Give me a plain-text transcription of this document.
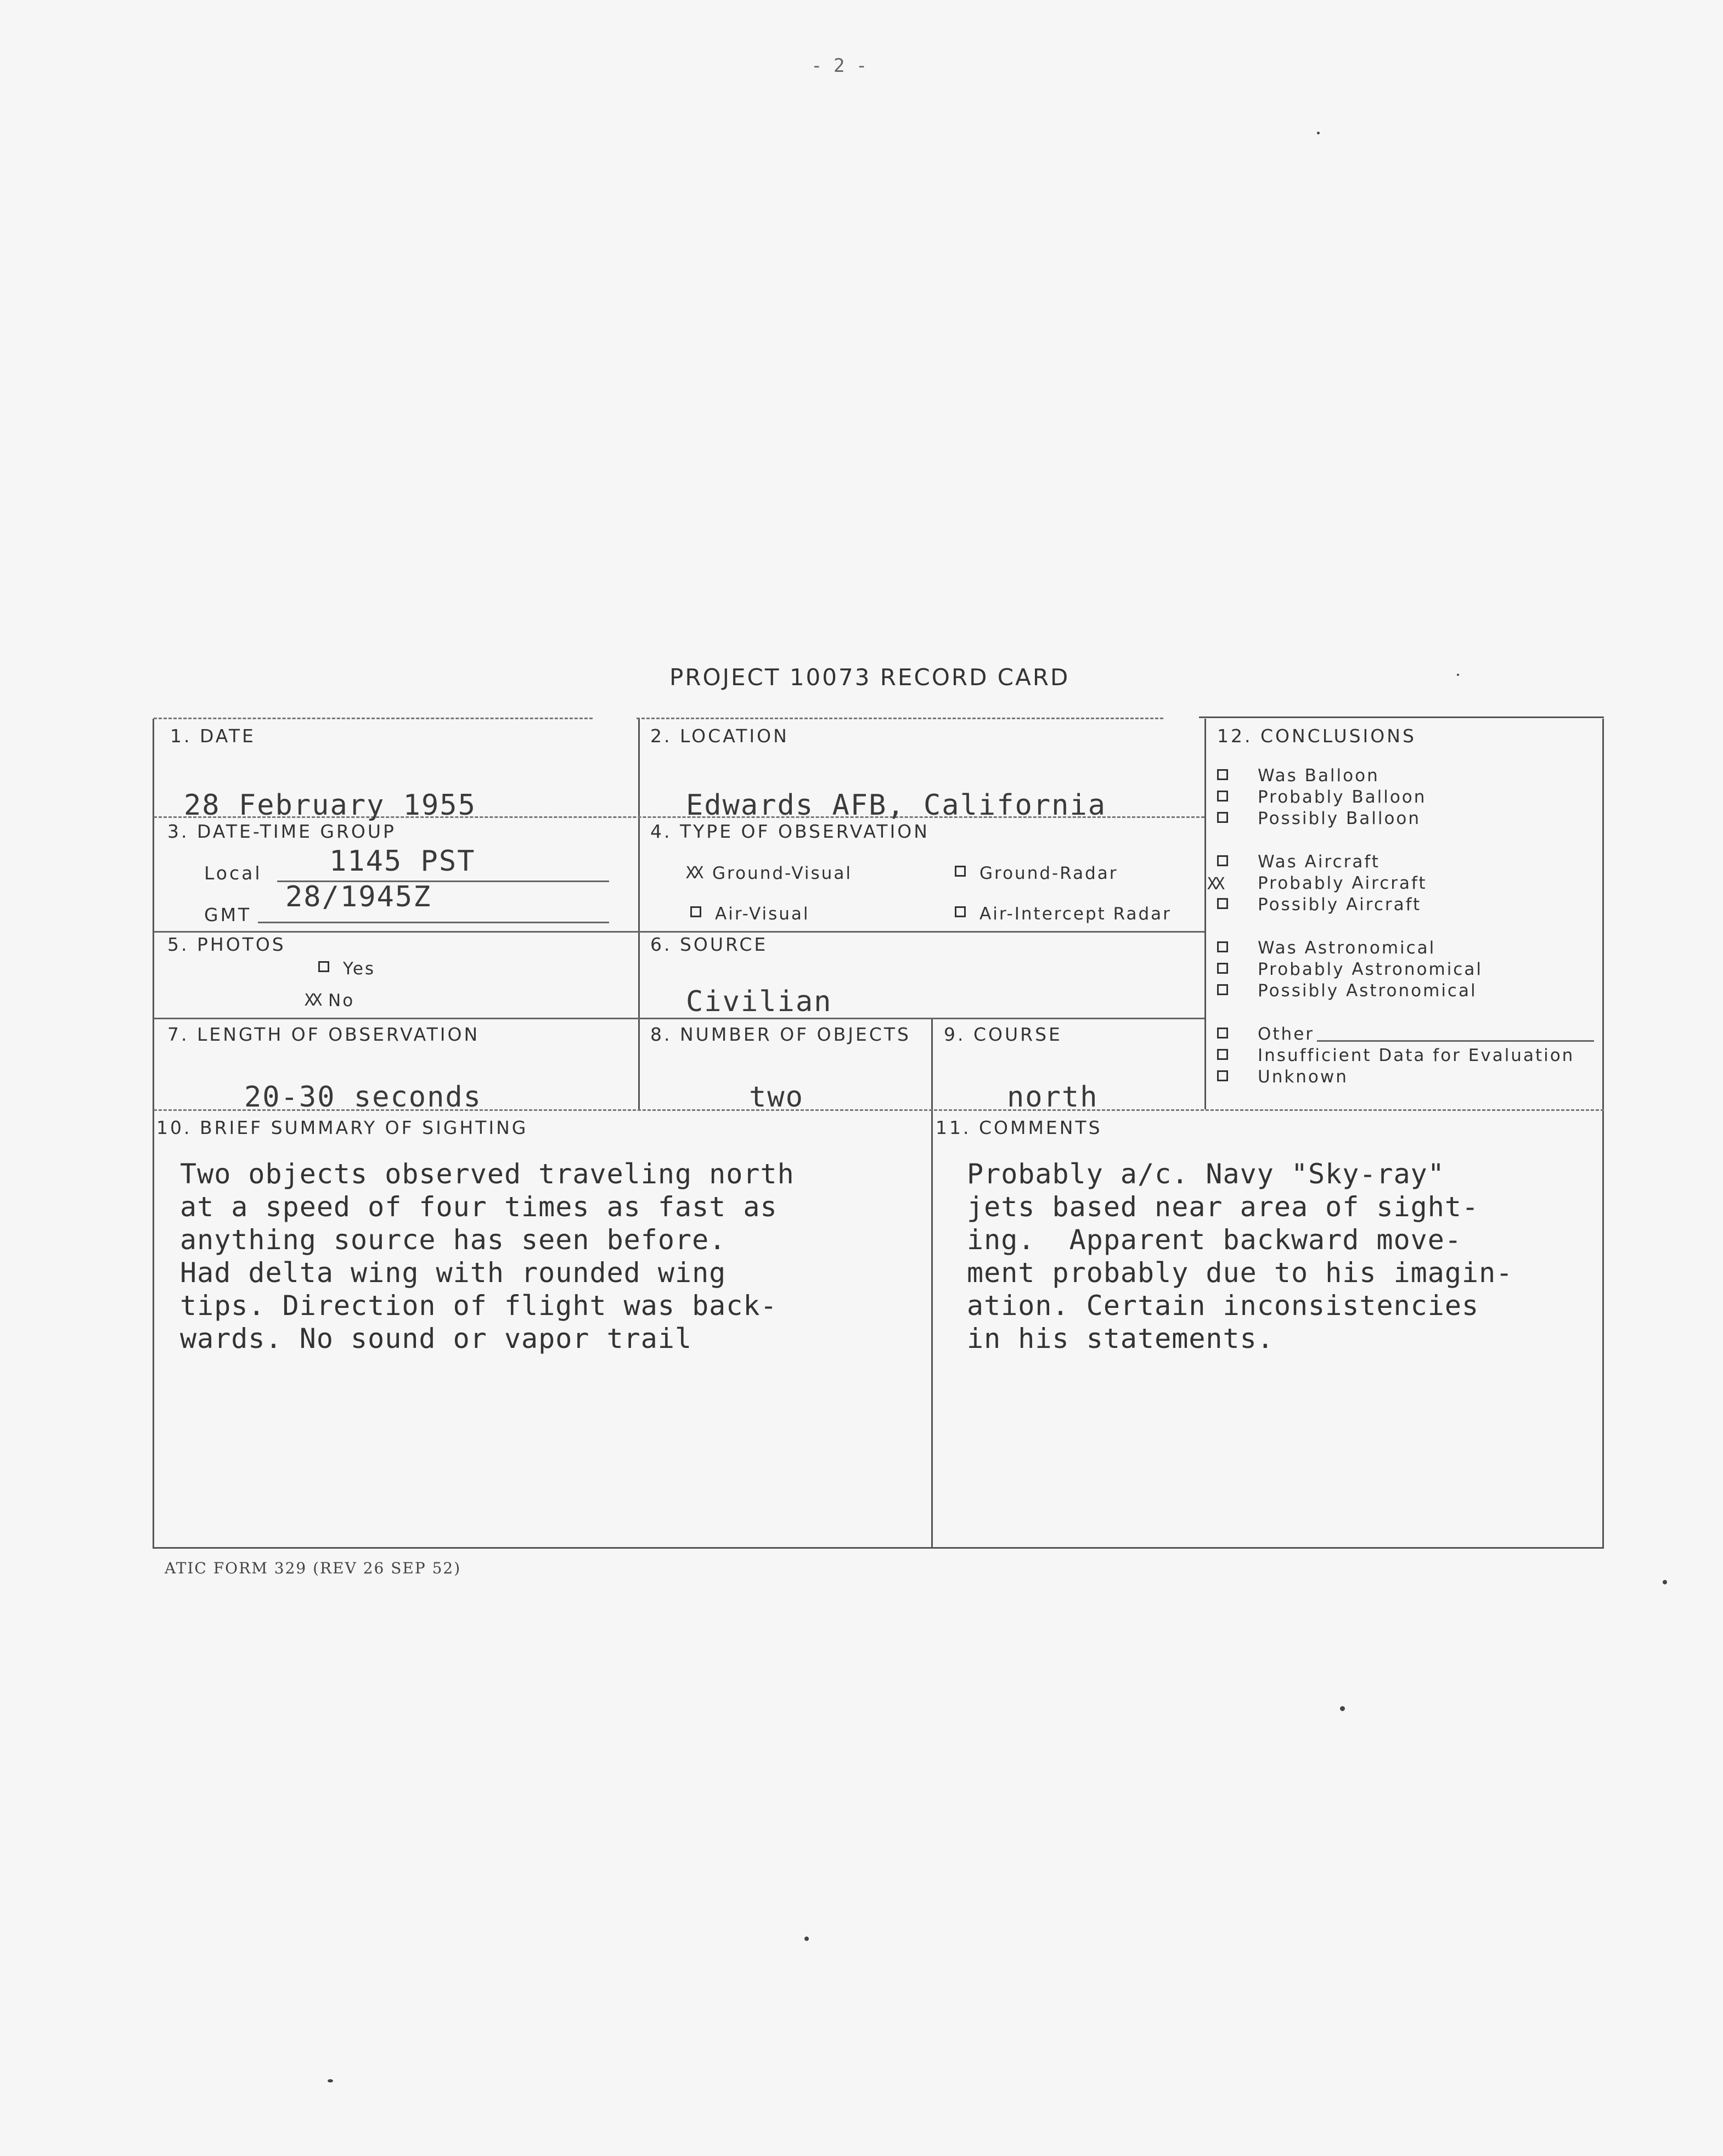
- 2 -
PROJECT 10073 RECORD CARD
1. DATE
28 February 1955
2. LOCATION
Edwards AFB, California
3. DATE-TIME GROUP
Local 1145 PST
GMT
28/1945Z
4. TYPE OF OBSERVATION
XX Ground-Visual	Ground-Radar
Air-Visual	Air-Intercept Radar
5. PHOTOS
Yes
XX No
6. SOURCE
Civilian
7. LENGTH OF OBSERVATION
20-30 seconds
8. NUMBER OF OBJECTS
two
9. COURSE
north
12. CONCLUSIONS
Was Balloon
Probably Balloon
Possibly Balloon
Was Aircraft
XX Probably Aircraft
Possibly Aircraft
Was Astronomical
Probably Astronomical
Possibly Astronomical
Other
Insufficient Data for Evaluation
Unknown
10. BRIEF SUMMARY OF SIGHTING
Two objects observed traveling north
at a speed of four times as fast as
anything source has seen before.
Had delta wing with rounded wing
tips. Direction of flight was back-
wards. No sound or vapor trail
11. COMMENTS
Probably a/c. Navy "Sky-ray"
jets based near area of sight-
ing.  Apparent backward move-
ment probably due to his imagin-
ation. Certain inconsistencies
in his statements.
ATIC FORM 329 (REV 26 SEP 52)
